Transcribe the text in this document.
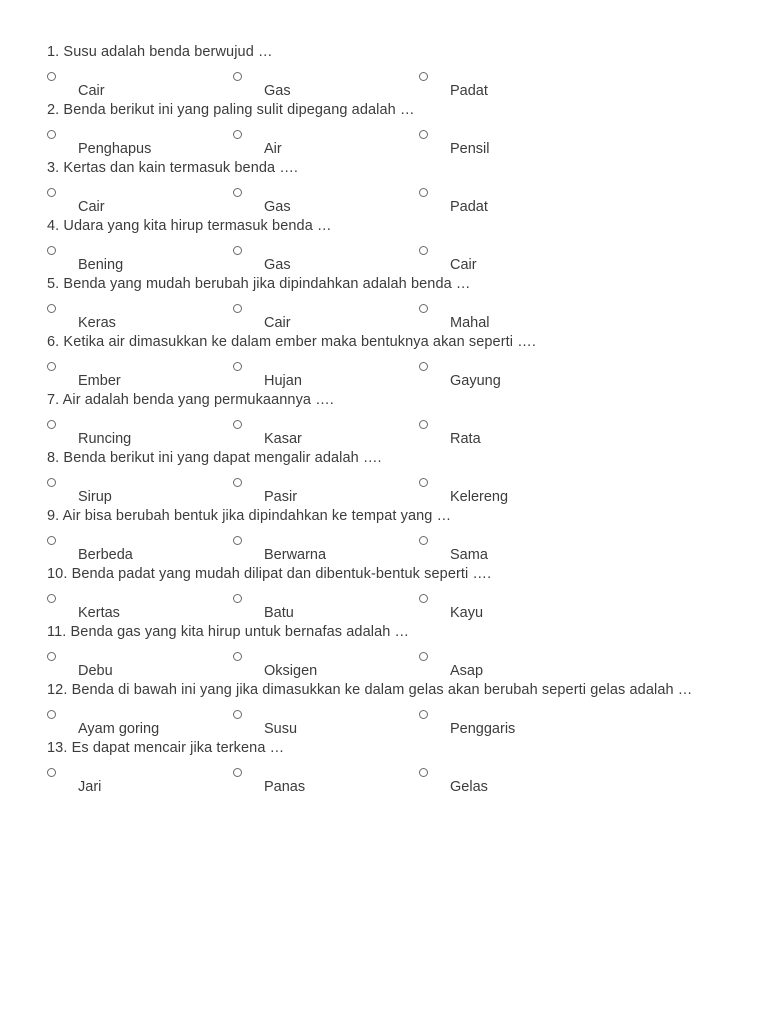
1. Susu adalah benda berwujud …
Cair	Gas	Padat
2. Benda berikut ini yang paling sulit dipegang adalah …
Penghapus	Air	Pensil
3. Kertas dan kain termasuk benda ….
Cair	Gas	Padat
4. Udara yang kita hirup termasuk benda …
Bening	Gas	Cair
5. Benda yang mudah berubah jika dipindahkan adalah benda …
Keras	Cair	Mahal
6. Ketika air dimasukkan ke dalam ember maka bentuknya akan seperti ….
Ember	Hujan	Gayung
7. Air adalah benda yang permukaannya ….
Runcing	Kasar	Rata
8. Benda berikut ini yang dapat mengalir adalah ….
Sirup	Pasir	Kelereng
9. Air bisa berubah bentuk jika dipindahkan ke tempat yang …
Berbeda	Berwarna	Sama
10. Benda padat yang mudah dilipat dan dibentuk-bentuk seperti ….
Kertas	Batu	Kayu
11. Benda gas yang kita hirup untuk bernafas adalah …
Debu	Oksigen	Asap
12. Benda di bawah ini yang jika dimasukkan ke dalam gelas akan berubah seperti gelas adalah …
Ayam goring	Susu	Penggaris
13. Es dapat mencair jika terkena …
Jari	Panas	Gelas
